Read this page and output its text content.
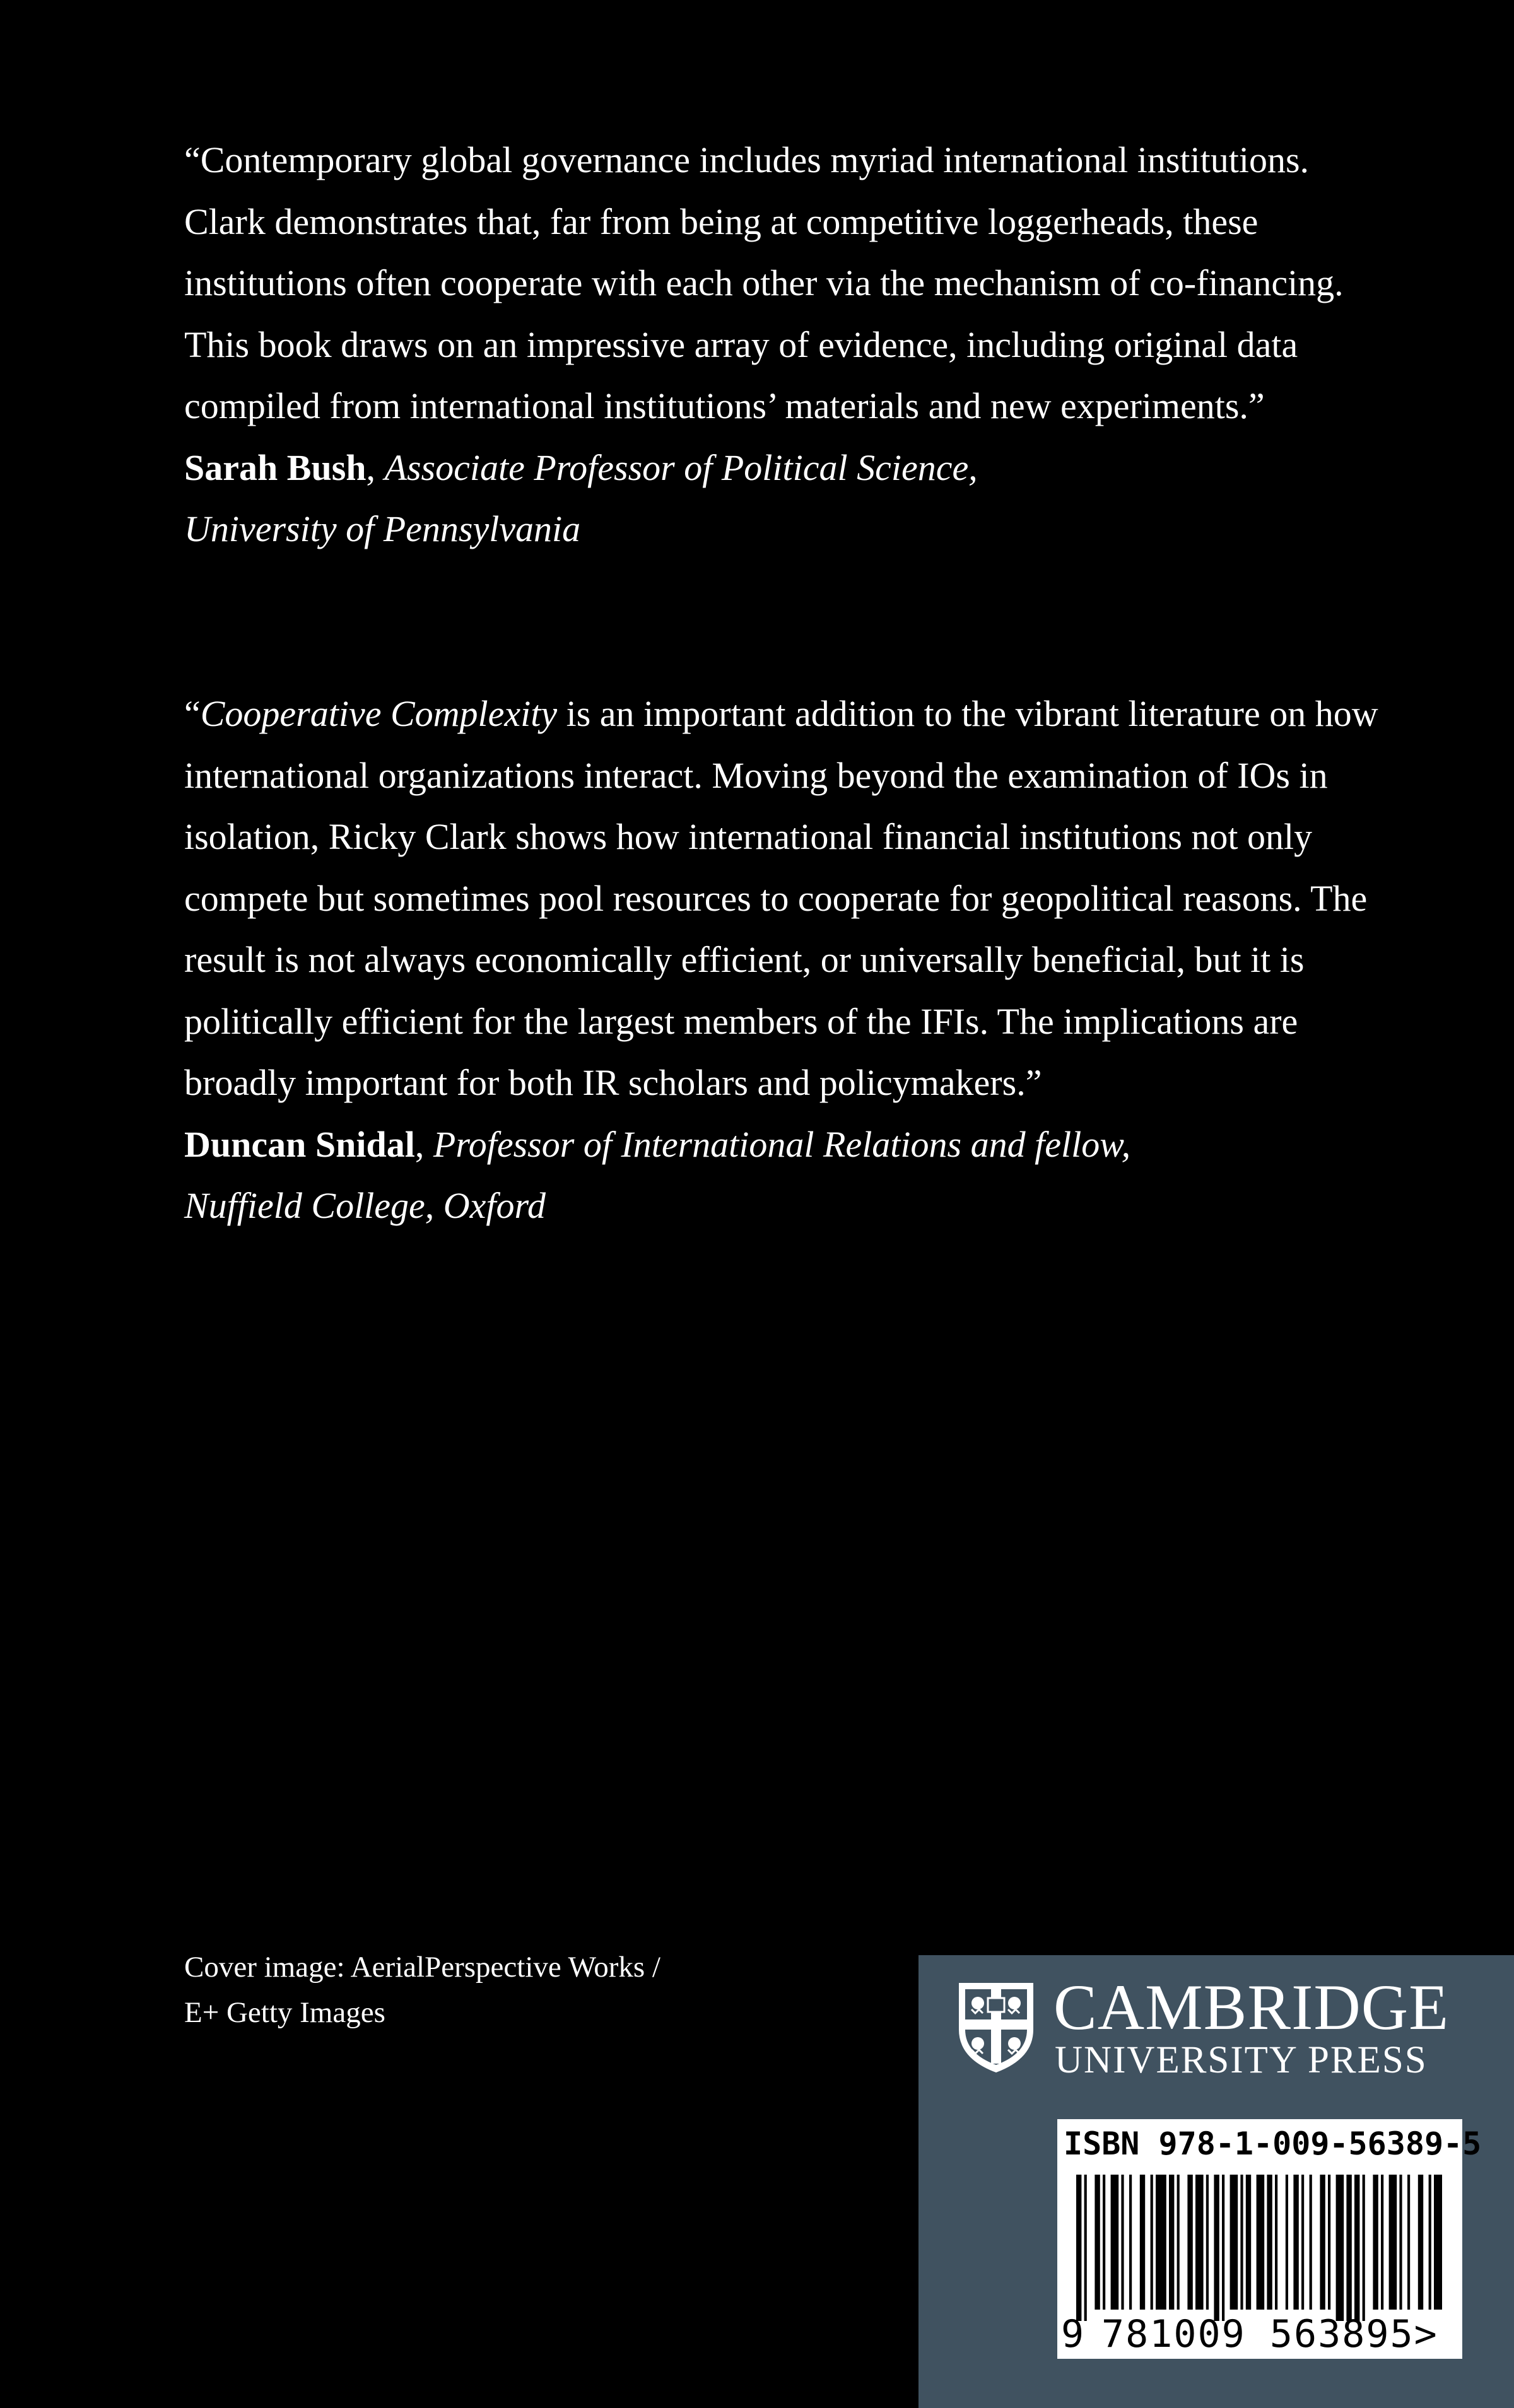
“Contemporary global governance includes myriad international institutions. Clark demonstrates that, far from being at competitive loggerheads, these institutions often cooperate with each other via the mechanism of co-financing. This book draws on an impressive array of evidence, including original data compiled from international institutions’ materials and new experiments.”

Sarah Bush, Associate Professor of Political Science,
University of Pennsylvania

“Cooperative Complexity is an important addition to the vibrant literature on how international organizations interact. Moving beyond the examination of IOs in isolation, Ricky Clark shows how international financial institutions not only compete but sometimes pool resources to cooperate for geopolitical reasons. The result is not always economically efficient, or universally beneficial, but it is politically efficient for the largest members of the IFIs. The implications are broadly important for both IR scholars and policymakers.”

Duncan Snidal, Professor of International Relations and fellow,
Nuffield College, Oxford

Cover image: AerialPerspective Works /

E+ Getty Images	CAMBRIDGE
UNIVERSITY PRESS
ISBN 978-1-009-56389-5
9 781009 563895>
